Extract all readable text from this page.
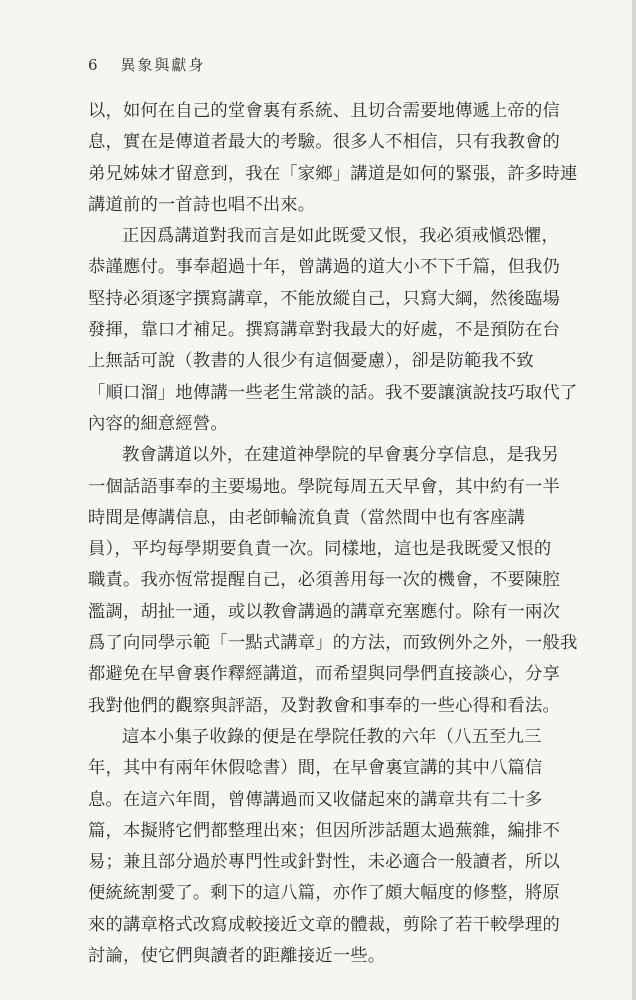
6 異象與獻身
以，如何在自己的堂會裏有系統、且切合需要地傳遞上帝的信
息，實在是傳道者最大的考驗。很多人不相信，只有我教會的
弟兄姊妹才留意到，我在「家鄉」講道是如何的緊張，許多時連
講道前的一首詩也唱不出來。
正因爲講道對我而言是如此既愛又恨，我必須戒愼恐懼，
恭謹應付。事奉超過十年，曾講過的道大小不下千篇，但我仍
堅持必須逐字撰寫講章，不能放縱自己，只寫大綱，然後臨場
發揮，靠口才補足。撰寫講章對我最大的好處，不是預防在台
上無話可說（教書的人很少有這個憂慮），卻是防範我不致
「順口溜」地傳講一些老生常談的話。我不要讓演說技巧取代了
內容的細意經營。
教會講道以外，在建道神學院的早會裏分享信息，是我另
一個話語事奉的主要場地。學院每周五天早會，其中約有一半
時間是傳講信息，由老師輪流負責（當然間中也有客座講
員），平均每學期要負責一次。同樣地，這也是我既愛又恨的
職責。我亦恆常提醒自己，必須善用每一次的機會，不要陳腔
濫調，胡扯一通，或以教會講過的講章充塞應付。除有一兩次
爲了向同學示範「一點式講章」的方法，而致例外之外，一般我
都避免在早會裏作釋經講道，而希望與同學們直接談心，分享
我對他們的觀察與評語，及對教會和事奉的一些心得和看法。
這本小集子收錄的便是在學院任教的六年（八五至九三
年，其中有兩年休假唸書）間，在早會裏宣講的其中八篇信
息。在這六年間，曾傳講過而又收儲起來的講章共有二十多
篇，本擬將它們都整理出來；但因所涉話題太過蕪雜，編排不
易；兼且部分過於專門性或針對性，未必適合一般讀者，所以
便統統割愛了。剩下的這八篇，亦作了頗大幅度的修整，將原
來的講章格式改寫成較接近文章的體裁，剪除了若干較學理的
討論，使它們與讀者的距離接近一些。
